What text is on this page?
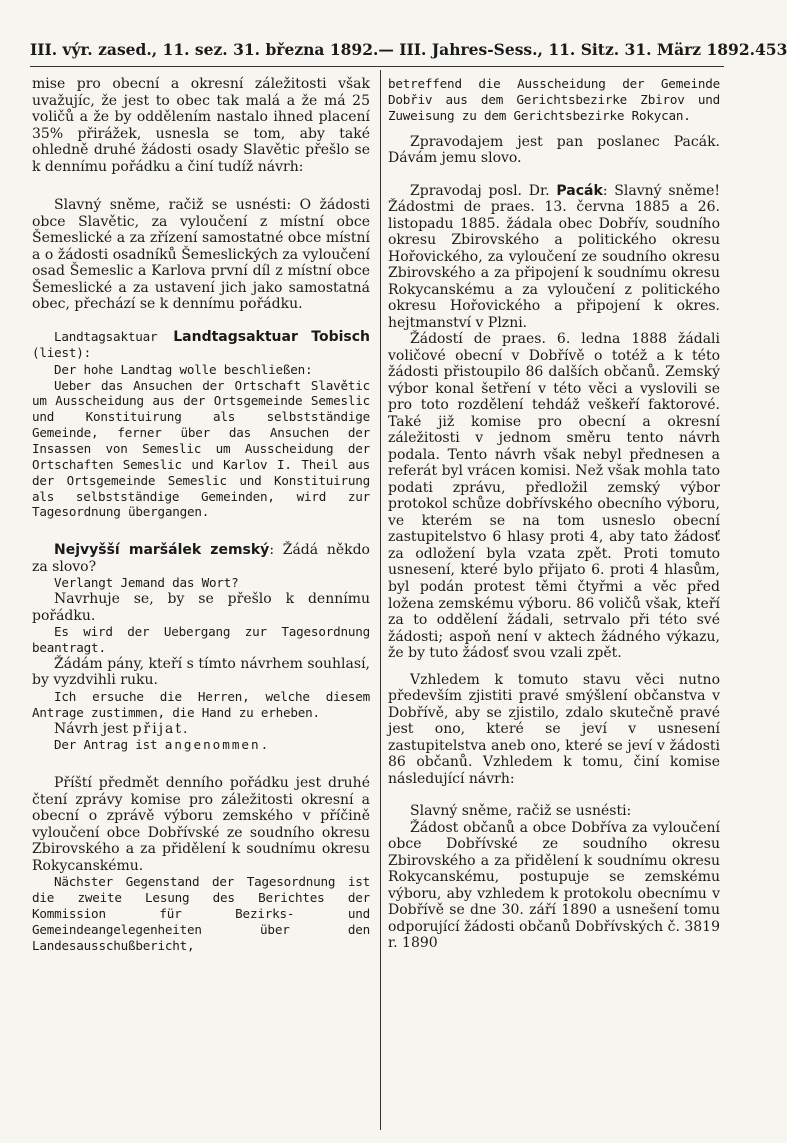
III. výr. zased., 11. sez. 31. března 1892. — III. Jahres-Sess., 11. Sitz. 31. März 1892. 453

mise pro obecní a okresní záležitosti však uvažujíc, že jest to obec tak malá a že má 25 voličů a že by oddělením nastalo ihned placení 35% přirážek, usnesla se tom, aby také ohledně druhé žádosti osady Slavětic přešlo se k dennímu pořádku a činí tudíž návrh:

Slavný sněme, račiž se usnésti: O žádosti obce Slavětic, za vyloučení z místní obce Šemeslické a za zřízení samostatné obce místní a o žádosti osadníků Šemeslických za vyloučení osad Šemeslic a Karlova první díl z místní obce Šemeslické a za ustavení jich jako samostatná obec, přechází se k dennímu pořádku.

Landtagsaktuar Landtagsaktuar Tobisch (liest):

Der hohe Landtag wolle beschließen:

Ueber das Ansuchen der Ortschaft Slavětic um Ausscheidung aus der Ortsgemeinde Semeslic und Konstituirung als selbstständige Gemeinde, ferner über das Ansuchen der Insassen von Semeslic um Ausscheidung der Ortschaften Semeslic und Karlov I. Theil aus der Ortsgemeinde Semeslic und Konstituirung als selbstständige Gemeinden, wird zur Tagesordnung übergangen.

Nejvyšší maršálek zemský: Žádá někdo za slovo?

Verlangt Jemand das Wort?

Navrhuje se, by se přešlo k dennímu pořádku.

Es wird der Uebergang zur Tagesordnung beantragt.

Žádám pány, kteří s tímto návrhem souhlasí, by vyzdvihli ruku.

Ich ersuche die Herren, welche diesem Antrage zustimmen, die Hand zu erheben.

Návrh jest přijat.

Der Antrag ist angenommen.

Příští předmět denního pořádku jest druhé čtení zprávy komise pro záležitosti okresní a obecní o zprávě výboru zemského v příčině vyloučení obce Dobřívské ze soudního okresu Zbirovského a za přidělení k soudnímu okresu Rokycanskému.

Nächster Gegenstand der Tagesordnung ist die zweite Lesung des Berichtes der Kommission für Bezirks- und Gemeindeangelegenheiten über den Landesausschußbericht,

betreffend die Ausscheidung der Gemeinde Dobřiv aus dem Gerichtsbezirke Zbirov und Zuweisung zu dem Gerichtsbezirke Rokycan.

Zpravodajem jest pan poslanec Pacák. Dávám jemu slovo.

Zpravodaj posl. Dr. Pacák: Slavný sněme! Žádostmi de praes. 13. června 1885 a 26. listopadu 1885. žádala obec Dobřív, soudního okresu Zbirovského a politického okresu Hořovického, za vyloučení ze soudního okresu Zbirovského a za připojení k soudnímu okresu Rokycanskému a za vyloučení z politického okresu Hořovického a připojení k okres. hejtmanství v Plzni.

Žádostí de praes. 6. ledna 1888 žádali voličové obecní v Dobřívě o totéž a k této žádosti přistoupilo 86 dalších občanů. Zemský výbor konal šetření v této věci a vyslovili se pro toto rozdělení tehdáž veškeří faktorové. Také již komise pro obecní a okresní záležitosti v jednom směru tento návrh podala. Tento návrh však nebyl přednesen a referát byl vrácen komisi. Než však mohla tato podati zprávu, předložil zemský výbor protokol schůze dobřívského obecního výboru, ve kterém se na tom usneslo obecní zastupitelstvo 6 hlasy proti 4, aby tato žádosť za odložení byla vzata zpět. Proti tomuto usnesení, které bylo přijato 6. proti 4 hlasům, byl podán protest těmi čtyřmi a věc před ložena zemskému výboru. 86 voličů však, kteří za to oddělení žádali, setrvalo při této své žádosti; aspoň není v aktech žádného výkazu, že by tuto žádosť svou vzali zpět.

Vzhledem k tomuto stavu věci nutno především zjistiti pravé smýšlení občanstva v Dobřívě, aby se zjistilo, zdalo skutečně pravé jest ono, které se jeví v usnesení zastupitelstva aneb ono, které se jeví v žádosti 86 občanů. Vzhledem k tomu, činí komise následující návrh:

Slavný sněme, račiž se usnésti:

Žádost občanů a obce Dobříva za vyloučení obce Dobřívské ze soudního okresu Zbirovského a za přidělení k soudnímu okresu Rokycanskému, postupuje se zemskému výboru, aby vzhledem k protokolu obecnímu v Dobřívě se dne 30. září 1890 a usnešení tomu odporující žádosti občanů Dobřívských č. 3819 r. 1890
